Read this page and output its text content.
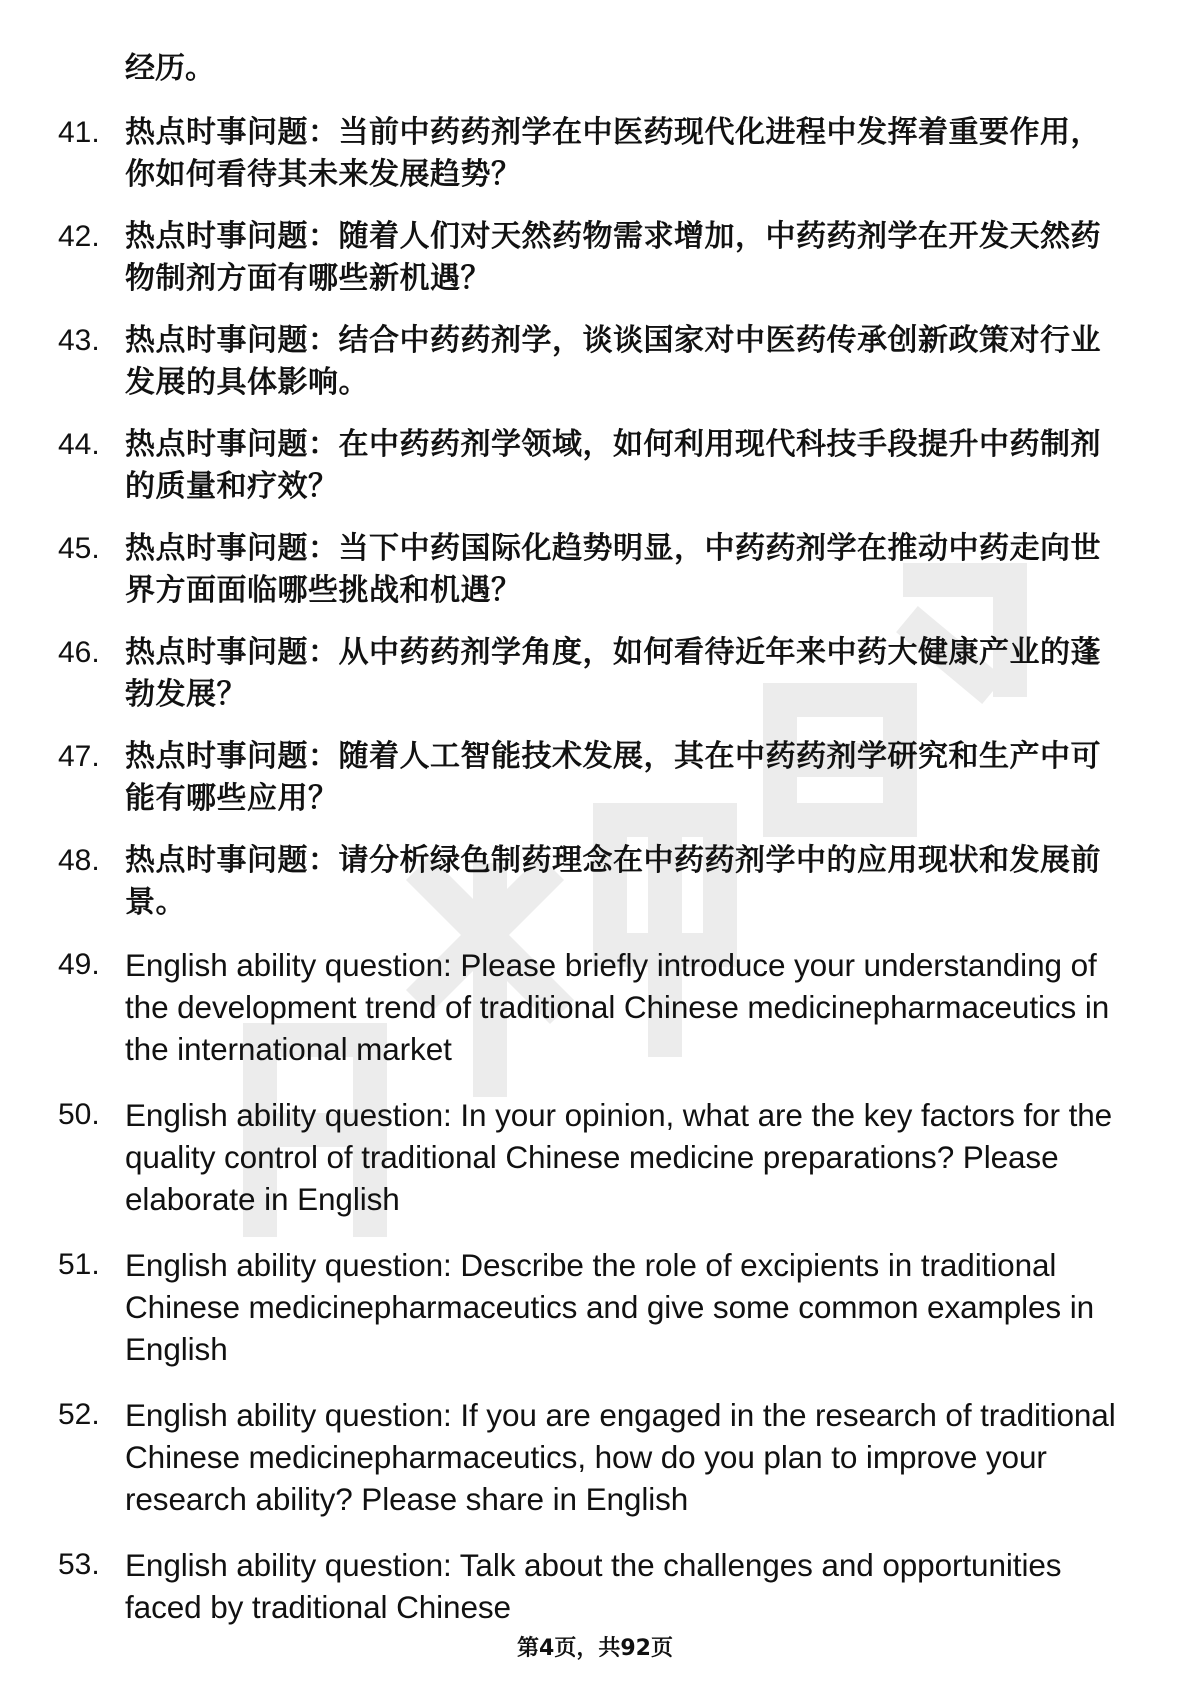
经历。
41. 热点时事问题：当前中药药剂学在中医药现代化进程中发挥着重要作用，你如何看待其未来发展趋势？
42. 热点时事问题：随着人们对天然药物需求增加，中药药剂学在开发天然药物制剂方面有哪些新机遇？
43. 热点时事问题：结合中药药剂学，谈谈国家对中医药传承创新政策对行业发展的具体影响。
44. 热点时事问题：在中药药剂学领域，如何利用现代科技手段提升中药制剂的质量和疗效？
45. 热点时事问题：当下中药国际化趋势明显，中药药剂学在推动中药走向世界方面面临哪些挑战和机遇？
46. 热点时事问题：从中药药剂学角度，如何看待近年来中药大健康产业的蓬勃发展？
47. 热点时事问题：随着人工智能技术发展，其在中药药剂学研究和生产中可能有哪些应用？
48. 热点时事问题：请分析绿色制药理念在中药药剂学中的应用现状和发展前景。
49. English ability question: Please briefly introduce your understanding of the development trend of traditional Chinese medicinepharmaceutics in the international market
50. English ability question: In your opinion, what are the key factors for the quality control of traditional Chinese medicine preparations? Please elaborate in English
51. English ability question: Describe the role of excipients in traditional Chinese medicinepharmaceutics and give some common examples in English
52. English ability question: If you are engaged in the research of traditional Chinese medicinepharmaceutics, how do you plan to improve your research ability? Please share in English
53. English ability question: Talk about the challenges and opportunities faced by traditional Chinese
第4页，共92页
